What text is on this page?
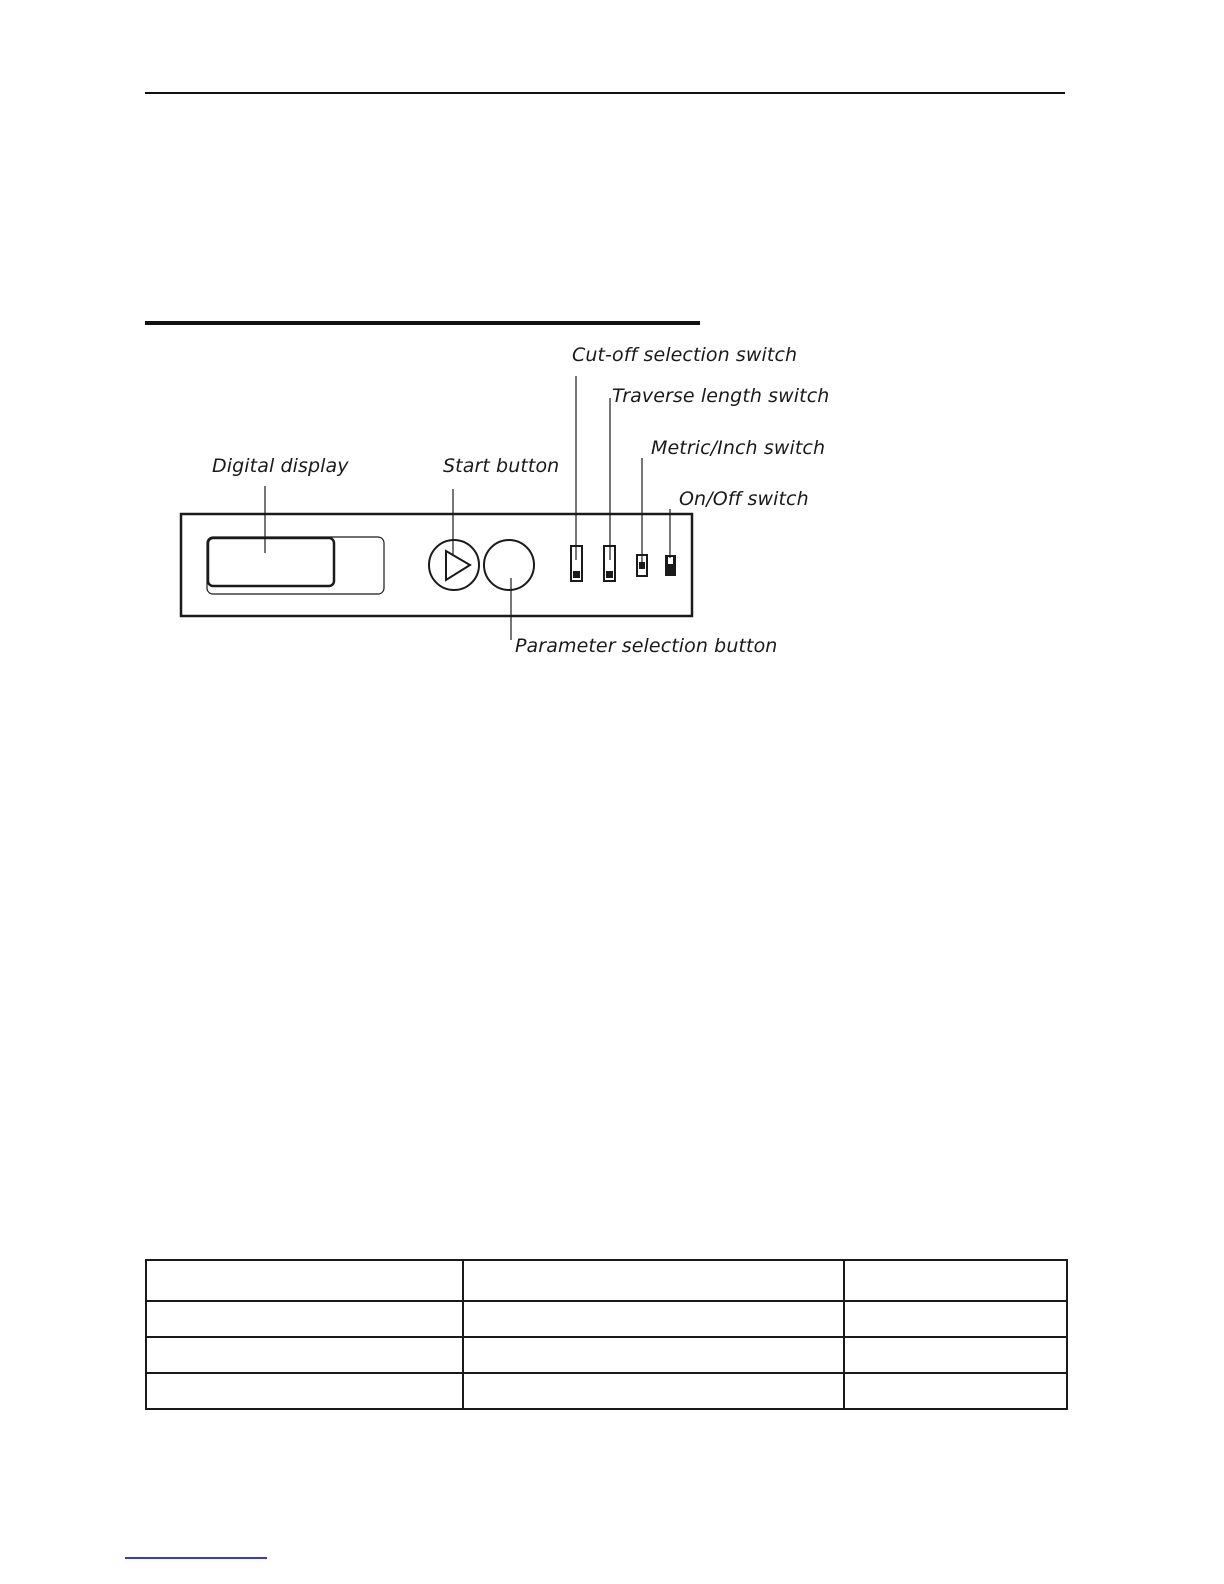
Cut-off selection switch
Traverse length switch
Metric/Inch switch
On/Off switch
Digital display	Start button
Parameter selection button
